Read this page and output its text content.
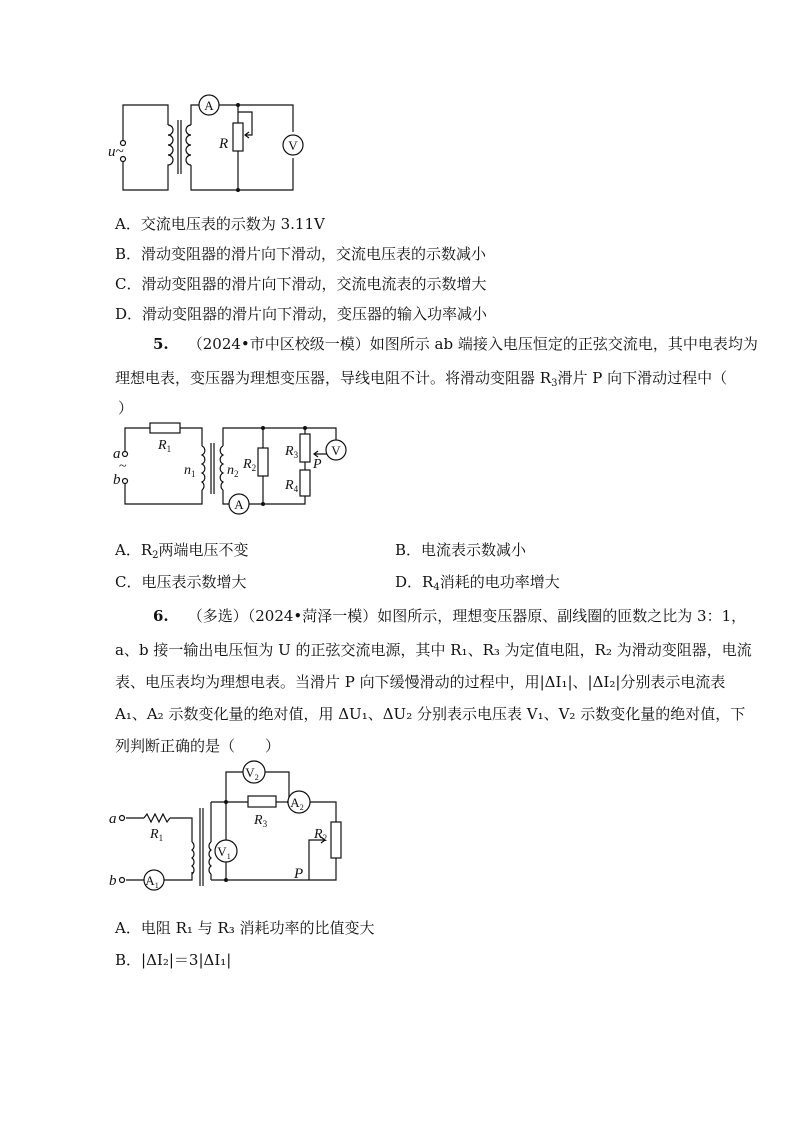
A
V
u~	R
A．交流电压表的示数为 3.11V
B．滑动变阻器的滑片向下滑动，交流电压表的示数减小
C．滑动变阻器的滑片向下滑动，交流电流表的示数增大
D．滑动变阻器的滑片向下滑动，变压器的输入功率减小
5. （2024•市中区校级一模）如图所示 ab 端接入电压恒定的正弦交流电，其中电表均为
理想电表，变压器为理想变压器，导线电阻不计。将滑动变阻器 $R_3$滑片 P 向下滑动过程中（
）
V
A
a
~
b
$R_1$
$n_1$ $n_2$
$R_2$
$R_3$
P
$R_4$
A．$R_2$两端电压不变	B．电流表示数减小
C．电压表示数增大	D．$R_4$消耗的电功率增大
6. （多选）（2024•菏泽一模）如图所示，理想变压器原、副线圈的匝数之比为 3：1，
a、b 接一输出电压恒为 U 的正弦交流电源，其中 R₁、R₃ 为定值电阻，R₂ 为滑动变阻器，电流
表、电压表均为理想电表。当滑片 P 向下缓慢滑动的过程中，用|ΔI₁|、|ΔI₂|分别表示电流表
A₁、A₂ 示数变化量的绝对值，用 ΔU₁、ΔU₂ 分别表示电压表 V₁、V₂ 示数变化量的绝对值，下
列判断正确的是（　　）
$A_1$
$V_1$
$V_2$
$A_2$
a
b
$R_1$
$R_3$
$R_2$
P
A．电阻 R₁ 与 R₃ 消耗功率的比值变大
B．|ΔI₂|＝3|ΔI₁|
